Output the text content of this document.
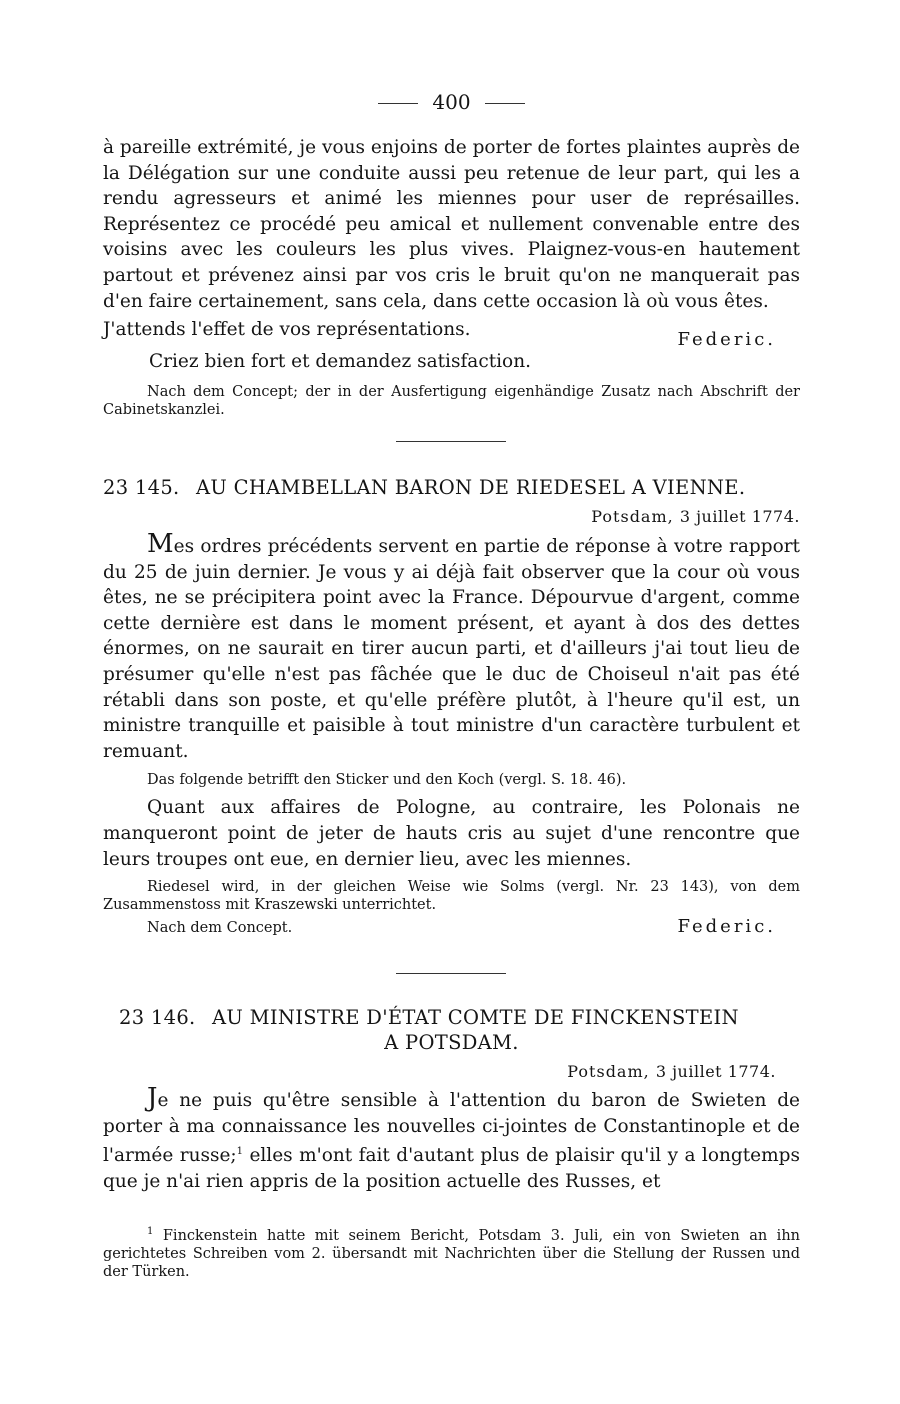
400

à pareille extrémité, je vous enjoins de porter de fortes plaintes auprès de la Délégation sur une conduite aussi peu retenue de leur part, qui les a rendu agresseurs et animé les miennes pour user de représailles. Représentez ce procédé peu amical et nullement convenable entre des voisins avec les couleurs les plus vives. Plaignez-vous-en hautement partout et prévenez ainsi par vos cris le bruit qu'on ne manquerait pas d'en faire certainement, sans cela, dans cette occasion là où vous êtes.

J'attends l'effet de vos représentations.
Federic.

Criez bien fort et demandez satisfaction.

Nach dem Concept; der in der Ausfertigung eigenhändige Zusatz nach Abschrift der Cabinetskanzlei.

23 145. AU CHAMBELLAN BARON DE RIEDESEL A VIENNE.

Potsdam, 3 juillet 1774.

Mes ordres précédents servent en partie de réponse à votre rapport du 25 de juin dernier. Je vous y ai déjà fait observer que la cour où vous êtes, ne se précipitera point avec la France. Dépourvue d'argent, comme cette dernière est dans le moment présent, et ayant à dos des dettes énormes, on ne saurait en tirer aucun parti, et d'ailleurs j'ai tout lieu de présumer qu'elle n'est pas fâchée que le duc de Choiseul n'ait pas été rétabli dans son poste, et qu'elle préfère plutôt, à l'heure qu'il est, un ministre tranquille et paisible à tout ministre d'un caractère turbulent et remuant.

Das folgende betrifft den Sticker und den Koch (vergl. S. 18. 46).

Quant aux affaires de Pologne, au contraire, les Polonais ne manqueront point de jeter de hauts cris au sujet d'une rencontre que leurs troupes ont eue, en dernier lieu, avec les miennes.

Riedesel wird, in der gleichen Weise wie Solms (vergl. Nr. 23 143), von dem Zusammenstoss mit Kraszewski unterrichtet.

Nach dem Concept.	Federic.

23 146. AU MINISTRE D'ÉTAT COMTE DE FINCKENSTEIN

A POTSDAM.

Potsdam, 3 juillet 1774.

Je ne puis qu'être sensible à l'attention du baron de Swieten de porter à ma connaissance les nouvelles ci-jointes de Constantinople et de l'armée russe;$^1$ elles m'ont fait d'autant plus de plaisir qu'il y a longtemps que je n'ai rien appris de la position actuelle des Russes, et

$^1$ Finckenstein hatte mit seinem Bericht, Potsdam 3. Juli, ein von Swieten an ihn gerichtetes Schreiben vom 2. übersandt mit Nachrichten über die Stellung der Russen und der Türken.
